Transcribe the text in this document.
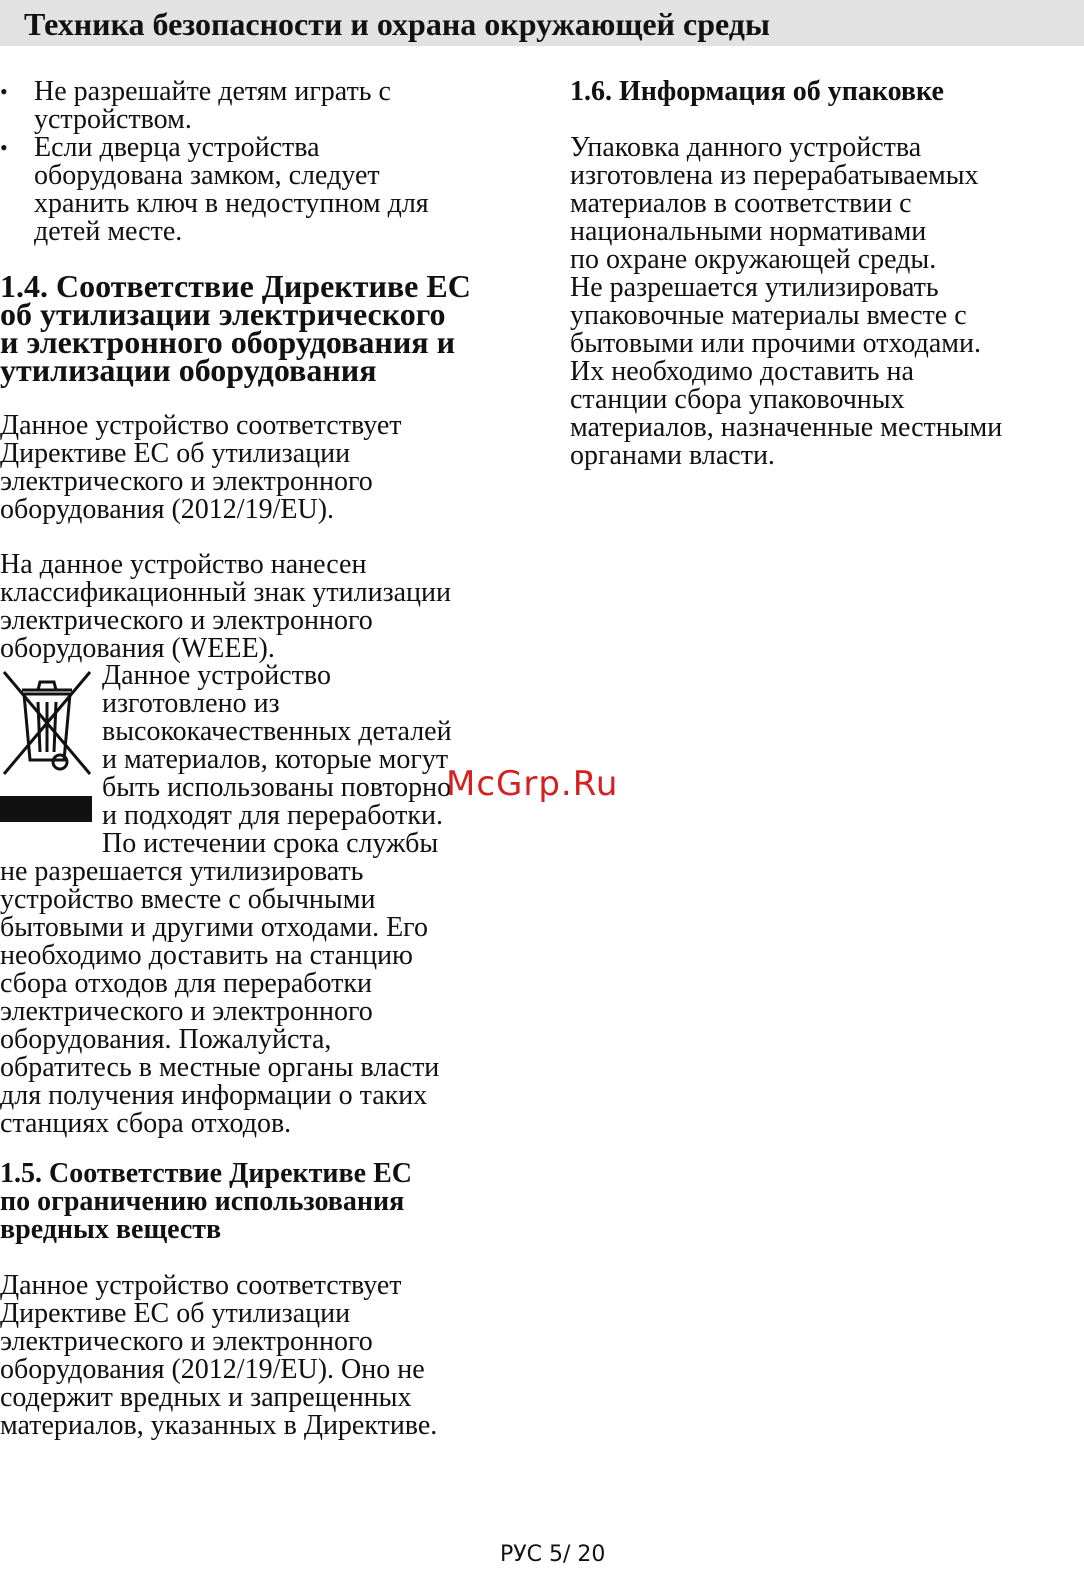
Техника безопасности и охрана окружающей среды
• Не разрешайте детям играть с
устройством.
• Если дверца устройства
оборудована замком, следует
хранить ключ в недоступном для
детей месте.
1.4. Соответствие Директиве ЕС
об утилизации электрического
и электронного оборудования и
утилизации оборудования

Данное устройство соответствует
Директиве ЕС об утилизации
электрического и электронного
оборудования (2012/19/EU).

На данное устройство нанесен
классификационный знак утилизации
электрического и электронного
оборудования (WEEE).

Данное устройство
изготовлено из
высококачественных деталей
и материалов, которые могут
быть использованы повторно
и подходят для переработки.
По истечении срока службы

не разрешается утилизировать
устройство вместе с обычными
бытовыми и другими отходами. Его
необходимо доставить на станцию
сбора отходов для переработки
электрического и электронного
оборудования. Пожалуйста,
обратитесь в местные органы власти
для получения информации о таких
станциях сбора отходов.

1.5. Соответствие Директиве ЕС
по ограничению использования
вредных веществ

Данное устройство соответствует
Директиве ЕС об утилизации
электрического и электронного
оборудования (2012/19/EU). Оно не
содержит вредных и запрещенных
материалов, указанных в Директиве.

1.6. Информация об упаковке

Упаковка данного устройства
изготовлена из перерабатываемых
материалов в соответствии с
национальными нормативами
по охране окружающей среды.
Не разрешается утилизировать
упаковочные материалы вместе с
бытовыми или прочими отходами.
Их необходимо доставить на
станции сбора упаковочных
материалов, назначенные местными
органами власти.

McGrp.Ru
РУС 5/ 20
